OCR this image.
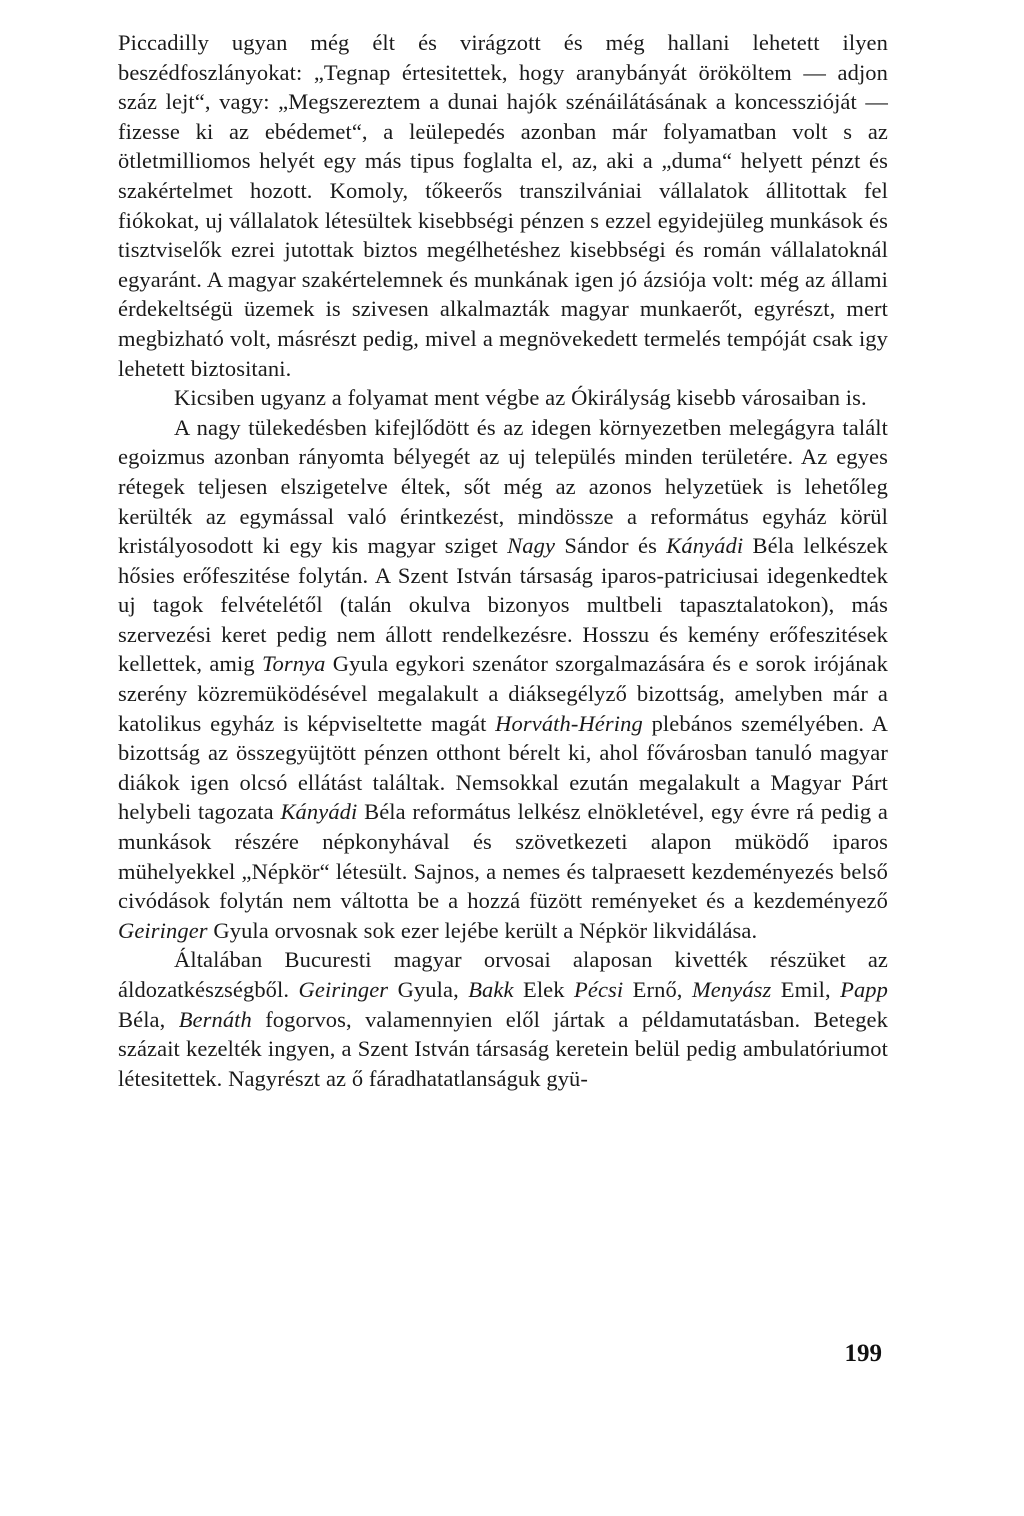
Piccadilly ugyan még élt és virágzott és még hallani lehetett ilyen beszédfoszlányokat: „Tegnap értesitettek, hogy aranybányát örököltem — adjon száz lejt“, vagy: „Megszereztem a dunai hajók szénáilátásának a koncesszióját — fizesse ki az ebédemet“, a leülepedés azonban már folyamatban volt s az ötletmilliomos helyét egy más tipus foglalta el, az, aki a „duma“ helyett pénzt és szakértelmet hozott. Komoly, tőkeerős transzilvániai vállalatok állitottak fel fiókokat, uj vállalatok létesültek kisebbségi pénzen s ezzel egyidejüleg munkások és tisztviselők ezrei jutottak biztos megélhetéshez kisebbségi és román vállalatoknál egyaránt. A magyar szakértelemnek és munkának igen jó ázsiója volt: még az állami érdekeltségü üzemek is szivesen alkalmazták magyar munkaerőt, egyrészt, mert megbizható volt, másrészt pedig, mivel a megnövekedett termelés tempóját csak igy lehetett biztositani.

Kicsiben ugyanz a folyamat ment végbe az Ókirályság kisebb városaiban is.

A nagy tülekedésben kifejlődött és az idegen környezetben melegágyra talált egoizmus azonban rányomta bélyegét az uj település minden területére. Az egyes rétegek teljesen elszigetelve éltek, sőt még az azonos helyzetüek is lehetőleg kerülték az egymással való érintkezést, mindössze a református egyház körül kristályosodott ki egy kis magyar sziget Nagy Sándor és Kányádi Béla lelkészek hősies erőfeszitése folytán. A Szent István társaság iparos-patriciusai idegenkedtek uj tagok felvételétől (talán okulva bizonyos multbeli tapasztalatokon), más szervezési keret pedig nem állott rendelkezésre. Hosszu és kemény erőfeszitések kellettek, amig Tornya Gyula egykori szenátor szorgalmazására és e sorok irójának szerény közremüködésével megalakult a diáksegélyző bizottság, amelyben már a katolikus egyház is képviseltette magát Horváth-Héring plebános személyében. A bizottság az összegyüjtött pénzen otthont bérelt ki, ahol fővárosban tanuló magyar diákok igen olcsó ellátást találtak. Nemsokkal ezután megalakult a Magyar Párt helybeli tagozata Kányádi Béla református lelkész elnökletével, egy évre rá pedig a munkások részére népkonyhával és szövetkezeti alapon müködő iparos mühelyekkel „Népkör“ létesült. Sajnos, a nemes és talpraesett kezdeményezés belső civódások folytán nem váltotta be a hozzá füzött reményeket és a kezdeményező Geiringer Gyula orvosnak sok ezer lejébe került a Népkör likvidálása.

Általában Bucuresti magyar orvosai alaposan kivették részüket az áldozatkészségből. Geiringer Gyula, Bakk Elek Pécsi Ernő, Menyász Emil, Papp Béla, Bernáth fogorvos, valamennyien elől jártak a példamutatásban. Betegek százait kezelték ingyen, a Szent István társaság keretein belül pedig ambulatóriumot létesitettek. Nagyrészt az ő fáradhatatlanságuk gyü-

199
